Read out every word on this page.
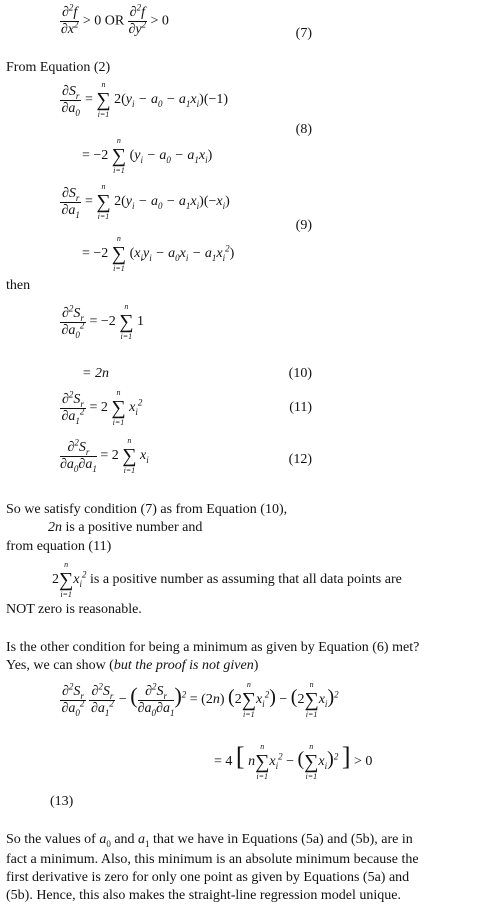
$\frac{\partial^2f}{\partial x^2} > 0$ OR $\frac{\partial^2f}{\partial y^2} > 0$
(7)
From Equation (2)
$\frac{\partial S_r}{\partial a_0}$ =
n
∑
i=1
$2(y_i - a_0 - a_1x_i)(-1)$
(8)
= −2
n
∑
i=1
$(y_i - a_0 - a_1x_i)$
$\frac{\partial S_r}{\partial a_1}$ =
n
∑
i=1
$2(y_i - a_0 - a_1x_i)(-x_i)$
(9)
= −2
n
∑
i=1
$(x_iy_i - a_0x_i - a_1x_i^2)$
then
$\frac{\partial^2S_r}{\partial a_0^2} = -2$
n
∑
i=1
1
= 2n	(10)
$\frac{\partial^2S_r}{\partial a_1^2} = 2$
n
∑
i=1
$x_i^2$	(11)
$\frac{\partial^2S_r}{\partial a_0\partial a_1} = 2$
n
∑
i=1
$x_i$	(12)
So we satisfy condition (7) as from Equation (10),
2n is a positive number and
from equation (11)
2
n
∑
i=1
$x_i^2$ is a positive number as assuming that all data points are
NOT zero is reasonable.
Is the other condition for being a minimum as given by Equation (6) met?
Yes, we can show (but the proof is not given)
$\frac{\partial^2S_r}{\partial a_0^2}$
$\frac{\partial^2S_r}{\partial a_1^2}$ − ( $\frac{\partial^2S_r}{\partial a_0\partial a_1} )^2 = (2n)$ (2
n
∑
i=1
$x_i^2) - (2$
n
∑
i=1
$x_i)^2$
= 4 [ n
n
∑
i=1
$x_i^2$ − (
n
∑
i=1
$x_i)^2$ ] > 0
(13)
So the values of $a_0$ and $a_1$ that we have in Equations (5a) and (5b), are in
fact a minimum. Also, this minimum is an absolute minimum because the
first derivative is zero for only one point as given by Equations (5a) and
(5b). Hence, this also makes the straight-line regression model unique.
